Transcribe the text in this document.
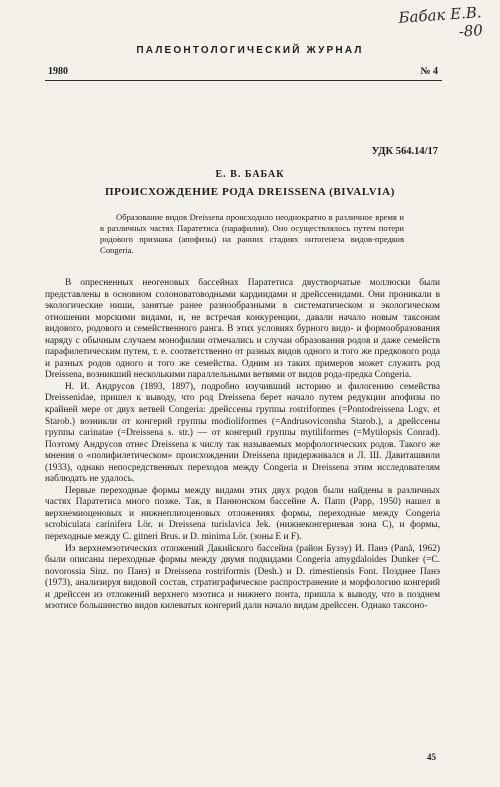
Бабак Е.В.
-80
ПАЛЕОНТОЛОГИЧЕСКИЙ ЖУРНАЛ
1980	№ 4
УДК 564.14/17
Е. В. БАБАК
ПРОИСХОЖДЕНИЕ РОДА DREISSENA (BIVALVIA)
Образование видов Dreissena происходило неоднократно в различное время и в различных частях Паратетиса (парафилия). Оно осуществлялось путем потери родового признака (апофизы) на ранних стадиях онтогенеза видов-предков Congeria.

В опресненных неогеновых бассейнах Паратетиса двустворчатые моллюски были представлены в основном солоноватоводными кардиидами и дрейссенидами. Они проникали в экологические ниши, занятые ранее разнообразными в систематическом и экологическом отношении морскими видами, и, не встречая конкуренции, давали начало новым таксонам видового, родового и семейственного ранга. В этих условиях бурного видо- и формообразования наряду с обычным случаем монофилии отмечались и случаи образования родов и даже семейств парафилетическим путем, т. е. соответственно от разных видов одного и того же предкового рода и разных родов одного и того же семейства. Одним из таких примеров может служить род Dreissena, возникший несколькими параллельными ветвями от видов рода-предка Congeria.

Н. И. Андрусов (1893, 1897), подробно изучивший историю и филогению семейства Dreissenidae, пришел к выводу, что род Dreissena берет начало путем редукции апофизы по крайней мере от двух ветвей Congeria: дрейссены группы rostriformes (=Pontodreissena Logv. et Starob.) возникли от конгерий группы modioliformes (=Andrusoviconsha Starob.), а дрейссены группы carinatae (=Dreissena s. str.) — от конгерий группы mytiliformes (=Mytilopsis Conrad). Поэтому Андрусов отнес Dreissena к числу так называемых морфологических родов. Такого же мнения о «полифилетическом» происхождении Dreissena придерживался и Л. Ш. Давиташвили (1933), однако непосредственных переходов между Congeria и Dreissena этим исследователям наблюдать не удалось.

Первые переходные формы между видами этих двух родов были найдены в различных частях Паратетиса много позже. Так, в Паннонском бассейне А. Папп (Papp, 1950) нашел в верхнемиоценовых и нижнеплиоценовых отложениях формы, переходные между Congeria scrobiculata carinifera Lör. и Dreissena turislavica Jek. (нижнеконгериевая зона С), и формы, переходные между C. gitneri Brus. и D. minima Lör. (зоны E и F).

Из верхнемэотических отложений Дакийского бассейна (район Бузэу) И. Панэ (Pană, 1962) были описаны переходные формы между двумя подвидами Congeria amygdaloides Dunker (=C. novorossia Sinz. по Панэ) и Dreissena rostriformis (Desh.) и D. rimestiensis Font. Позднее Панэ (1973), анализируя видовой состав, стратиграфическое распространение и морфологию конгерий и дрейссен из отложений верхнего мэотиса и нижнего понта, пришла к выводу, что в позднем мэотисе большинство видов килеватых конгерий дали начало видам дрейссен. Однако таксоно-

45
